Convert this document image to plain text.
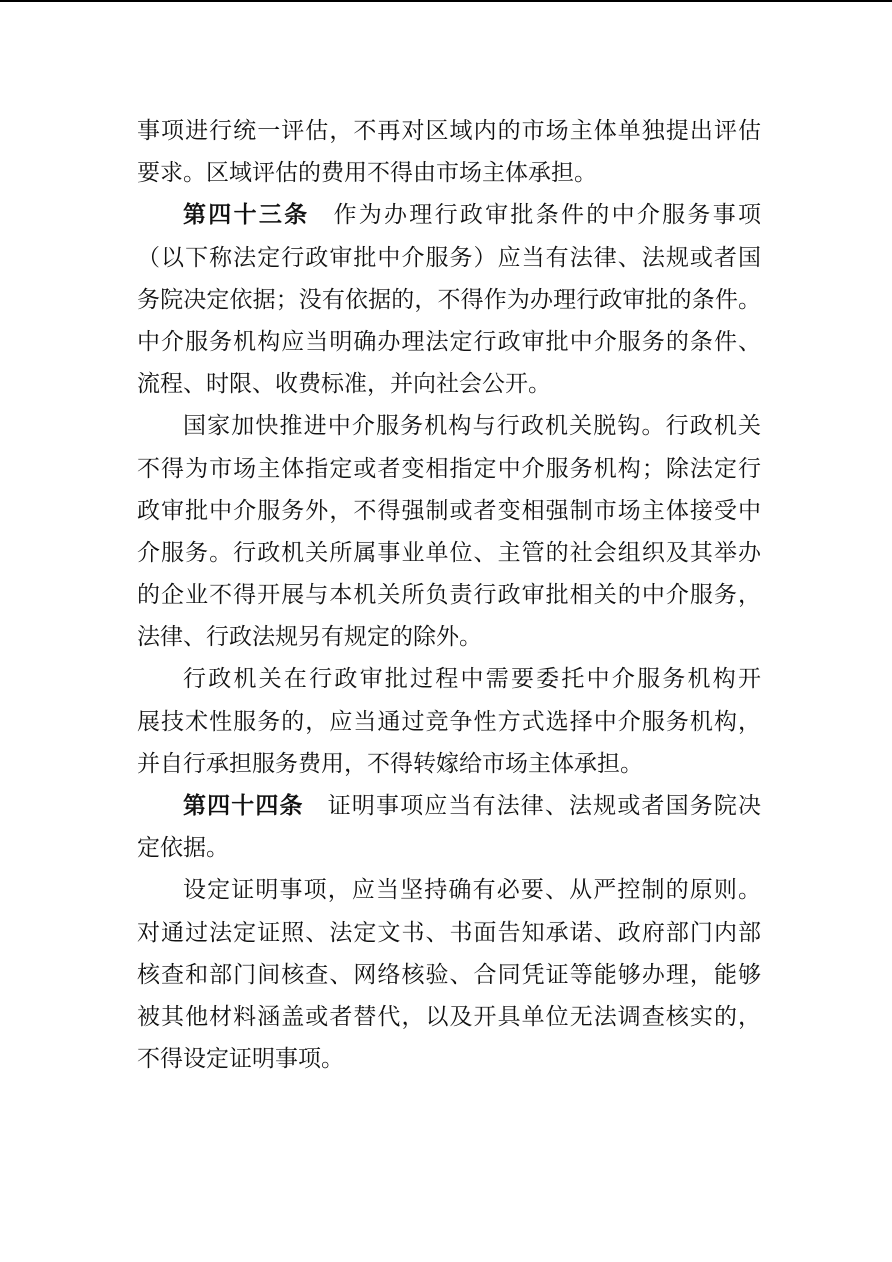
事项进行统一评估，不再对区域内的市场主体单独提出评估
要求。区域评估的费用不得由市场主体承担。
第四十三条 作为办理行政审批条件的中介服务事项
（以下称法定行政审批中介服务）应当有法律、法规或者国
务院决定依据；没有依据的，不得作为办理行政审批的条件。
中介服务机构应当明确办理法定行政审批中介服务的条件、
流程、时限、收费标准，并向社会公开。
国家加快推进中介服务机构与行政机关脱钩。行政机关
不得为市场主体指定或者变相指定中介服务机构；除法定行
政审批中介服务外，不得强制或者变相强制市场主体接受中
介服务。行政机关所属事业单位、主管的社会组织及其举办
的企业不得开展与本机关所负责行政审批相关的中介服务，
法律、行政法规另有规定的除外。
行政机关在行政审批过程中需要委托中介服务机构开
展技术性服务的，应当通过竞争性方式选择中介服务机构，
并自行承担服务费用，不得转嫁给市场主体承担。
第四十四条 证明事项应当有法律、法规或者国务院决
定依据。
设定证明事项，应当坚持确有必要、从严控制的原则。
对通过法定证照、法定文书、书面告知承诺、政府部门内部
核查和部门间核查、网络核验、合同凭证等能够办理，能够
被其他材料涵盖或者替代，以及开具单位无法调查核实的，
不得设定证明事项。
